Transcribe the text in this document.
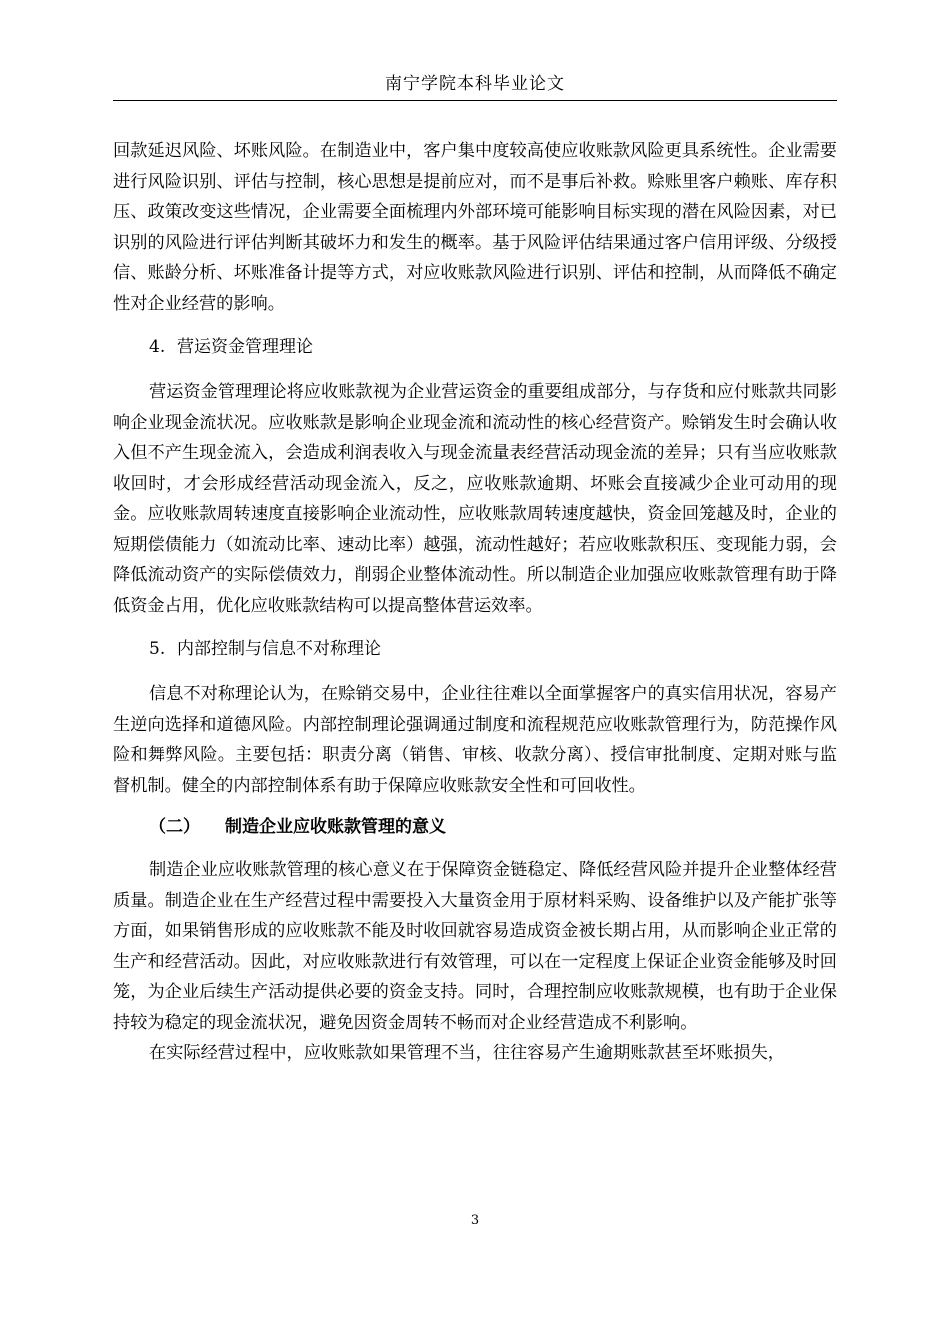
南宁学院本科毕业论文

回款延迟风险、坏账风险。在制造业中，客户集中度较高使应收账款风险更具系统性。企业需要进行风险识别、评估与控制，核心思想是提前应对，而不是事后补救。赊账里客户赖账、库存积压、政策改变这些情况，企业需要全面梳理内外部环境可能影响目标实现的潜在风险因素，对已识别的风险进行评估判断其破坏力和发生的概率。基于风险评估结果通过客户信用评级、分级授信、账龄分析、坏账准备计提等方式，对应收账款风险进行识别、评估和控制，从而降低不确定性对企业经营的影响。

4. 营运资金管理理论

营运资金管理理论将应收账款视为企业营运资金的重要组成部分，与存货和应付账款共同影响企业现金流状况。应收账款是影响企业现金流和流动性的核心经营资产。赊销发生时会确认收入但不产生现金流入，会造成利润表收入与现金流量表经营活动现金流的差异；只有当应收账款收回时，才会形成经营活动现金流入，反之，应收账款逾期、坏账会直接减少企业可动用的现金。应收账款周转速度直接影响企业流动性，应收账款周转速度越快，资金回笼越及时，企业的短期偿债能力（如流动比率、速动比率）越强，流动性越好；若应收账款积压、变现能力弱，会降低流动资产的实际偿债效力，削弱企业整体流动性。所以制造企业加强应收账款管理有助于降低资金占用，优化应收账款结构可以提高整体营运效率。

5. 内部控制与信息不对称理论

信息不对称理论认为，在赊销交易中，企业往往难以全面掌握客户的真实信用状况，容易产生逆向选择和道德风险。内部控制理论强调通过制度和流程规范应收账款管理行为，防范操作风险和舞弊风险。主要包括：职责分离（销售、审核、收款分离）、授信审批制度、定期对账与监督机制。健全的内部控制体系有助于保障应收账款安全性和可回收性。

（二） 制造企业应收账款管理的意义

制造企业应收账款管理的核心意义在于保障资金链稳定、降低经营风险并提升企业整体经营质量。制造企业在生产经营过程中需要投入大量资金用于原材料采购、设备维护以及产能扩张等方面，如果销售形成的应收账款不能及时收回就容易造成资金被长期占用，从而影响企业正常的生产和经营活动。因此，对应收账款进行有效管理，可以在一定程度上保证企业资金能够及时回笼，为企业后续生产活动提供必要的资金支持。同时，合理控制应收账款规模，也有助于企业保持较为稳定的现金流状况，避免因资金周转不畅而对企业经营造成不利影响。

在实际经营过程中，应收账款如果管理不当，往往容易产生逾期账款甚至坏账损失，

3
